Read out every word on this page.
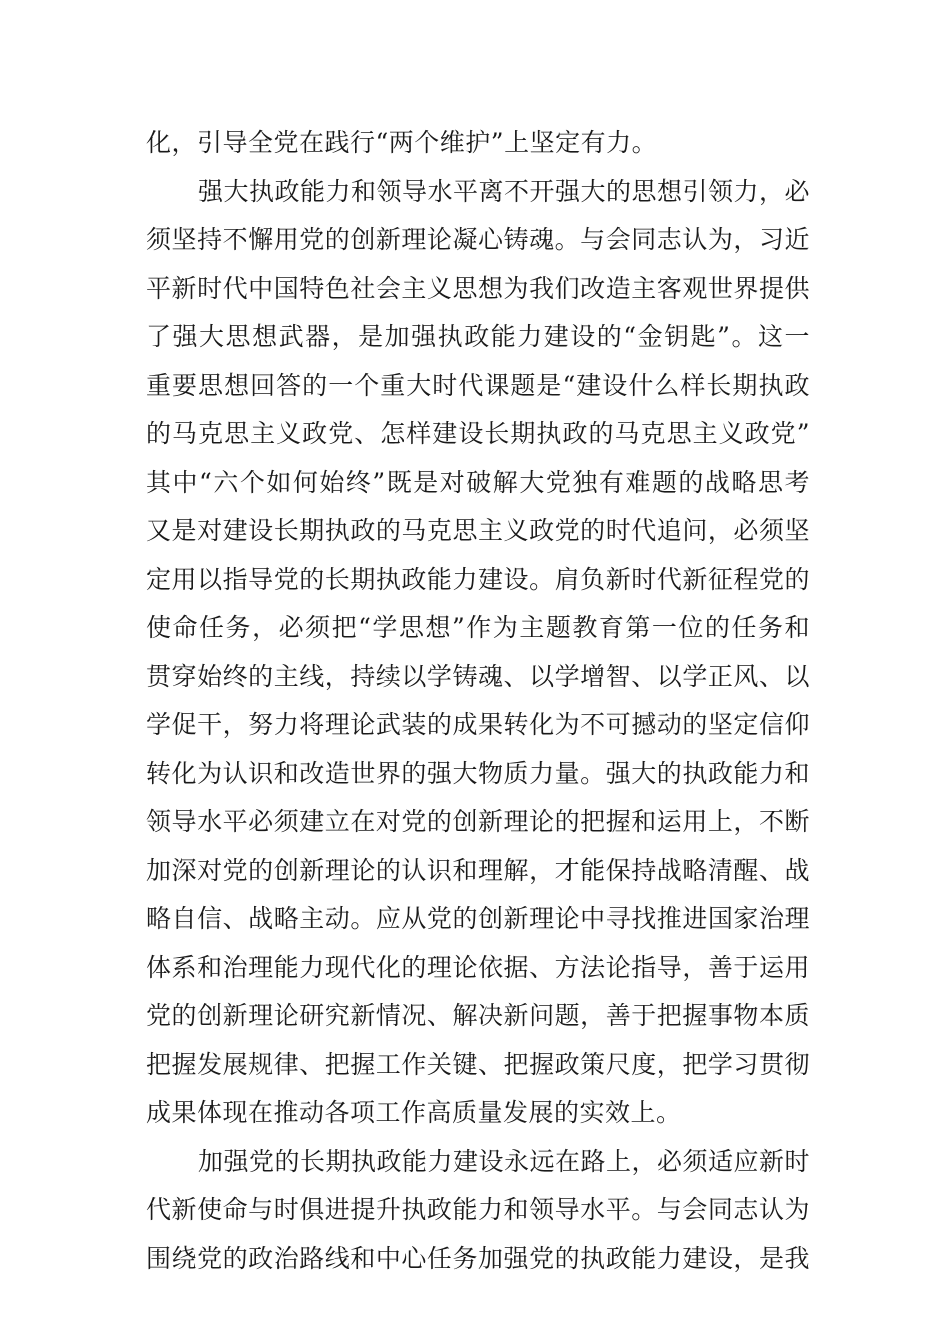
化，引导全党在践行“两个维护”上坚定有力。
强大执政能力和领导水平离不开强大的思想引领力，必
须坚持不懈用党的创新理论凝心铸魂。与会同志认为，习近
平新时代中国特色社会主义思想为我们改造主客观世界提供
了强大思想武器，是加强执政能力建设的“金钥匙”。这一
重要思想回答的一个重大时代课题是“建设什么样长期执政
的马克思主义政党、怎样建设长期执政的马克思主义政党”
其中“六个如何始终”既是对破解大党独有难题的战略思考
又是对建设长期执政的马克思主义政党的时代追问，必须坚
定用以指导党的长期执政能力建设。肩负新时代新征程党的
使命任务，必须把“学思想”作为主题教育第一位的任务和
贯穿始终的主线，持续以学铸魂、以学增智、以学正风、以
学促干，努力将理论武装的成果转化为不可撼动的坚定信仰
转化为认识和改造世界的强大物质力量。强大的执政能力和
领导水平必须建立在对党的创新理论的把握和运用上，不断
加深对党的创新理论的认识和理解，才能保持战略清醒、战
略自信、战略主动。应从党的创新理论中寻找推进国家治理
体系和治理能力现代化的理论依据、方法论指导，善于运用
党的创新理论研究新情况、解决新问题，善于把握事物本质
把握发展规律、把握工作关键、把握政策尺度，把学习贯彻
成果体现在推动各项工作高质量发展的实效上。
加强党的长期执政能力建设永远在路上，必须适应新时
代新使命与时俱进提升执政能力和领导水平。与会同志认为
围绕党的政治路线和中心任务加强党的执政能力建设，是我
